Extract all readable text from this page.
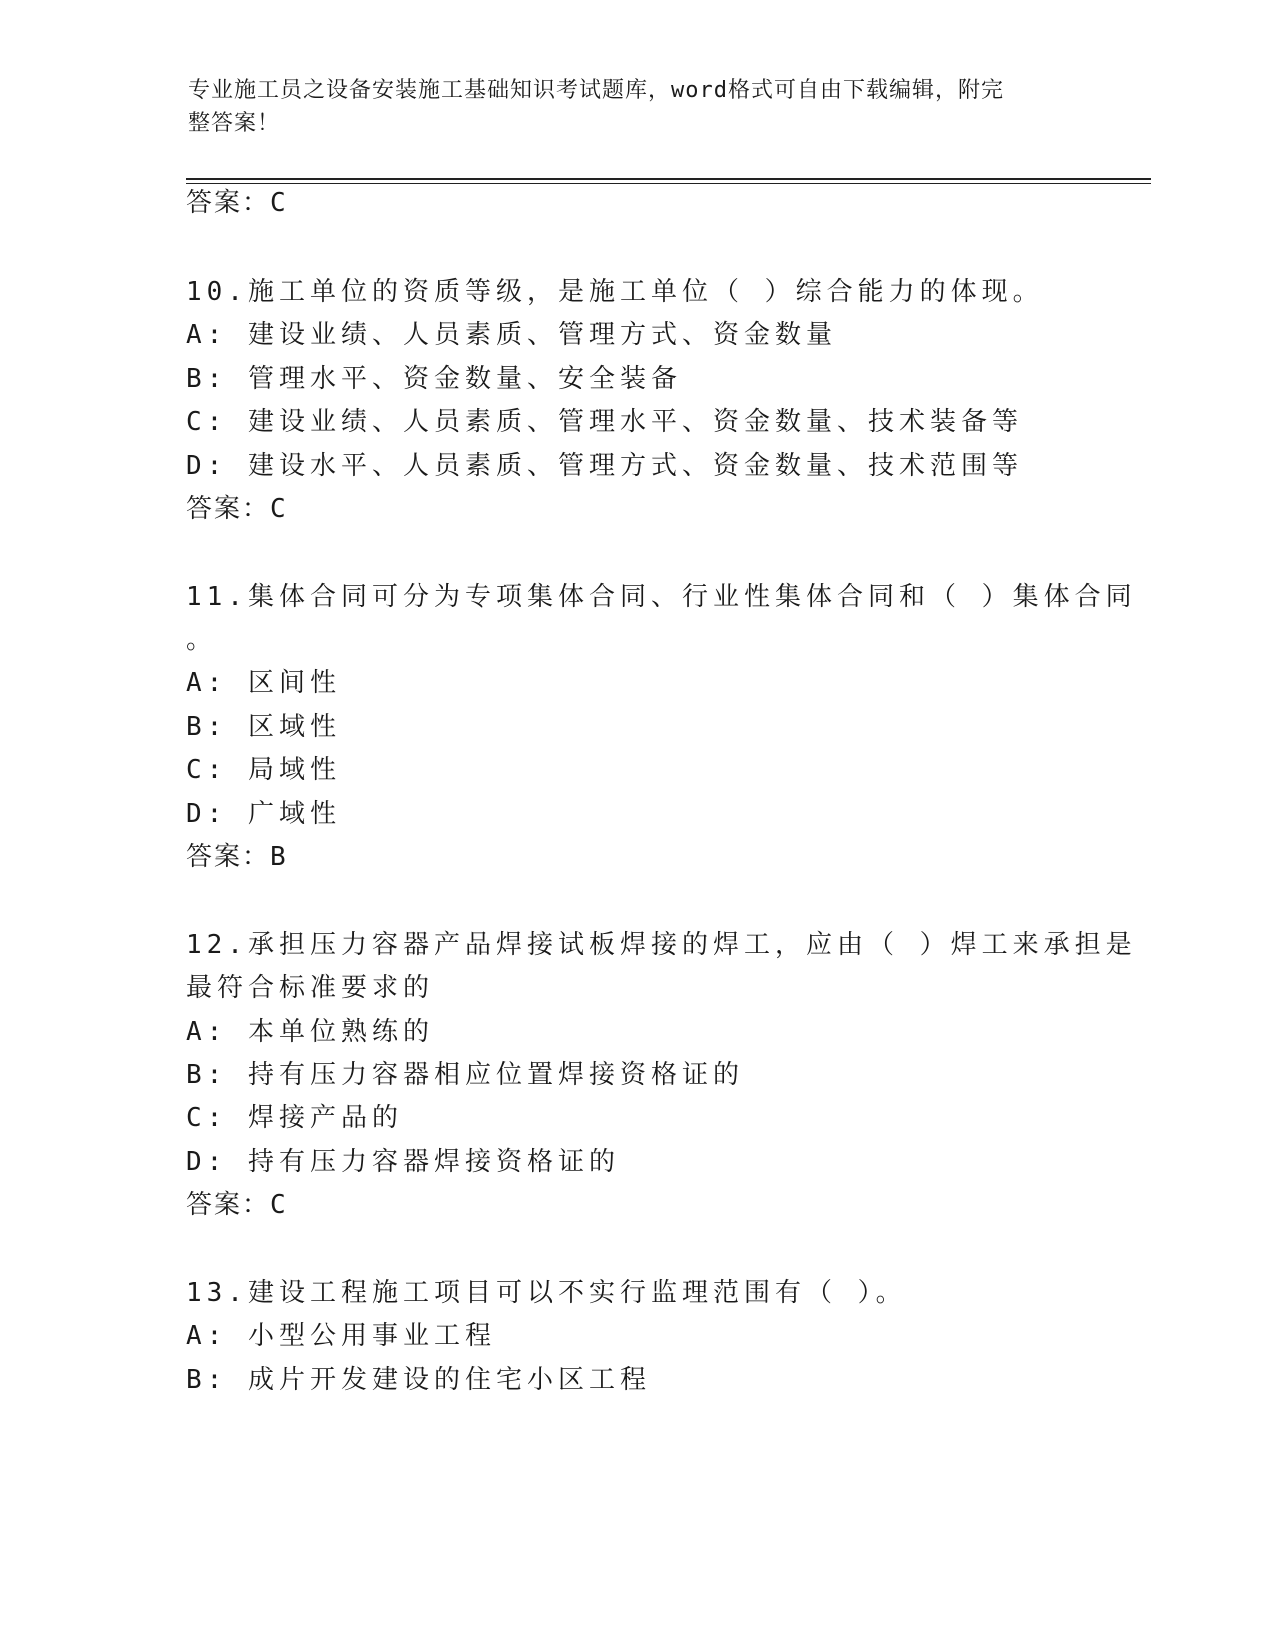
专业施工员之设备安装施工基础知识考试题库，word格式可自由下载编辑，附完
整答案！
答案：C
10.施工单位的资质等级，是施工单位（ ）综合能力的体现。
A: 建设业绩、人员素质、管理方式、资金数量
B: 管理水平、资金数量、安全装备
C: 建设业绩、人员素质、管理水平、资金数量、技术装备等
D: 建设水平、人员素质、管理方式、资金数量、技术范围等
答案：C
11.集体合同可分为专项集体合同、行业性集体合同和（ ）集体合同
。
A: 区间性
B: 区域性
C: 局域性
D: 广域性
答案：B
12.承担压力容器产品焊接试板焊接的焊工，应由（ ）焊工来承担是
最符合标准要求的
A: 本单位熟练的
B: 持有压力容器相应位置焊接资格证的
C: 焊接产品的
D: 持有压力容器焊接资格证的
答案：C
13.建设工程施工项目可以不实行监理范围有（ ）。
A: 小型公用事业工程
B: 成片开发建设的住宅小区工程
